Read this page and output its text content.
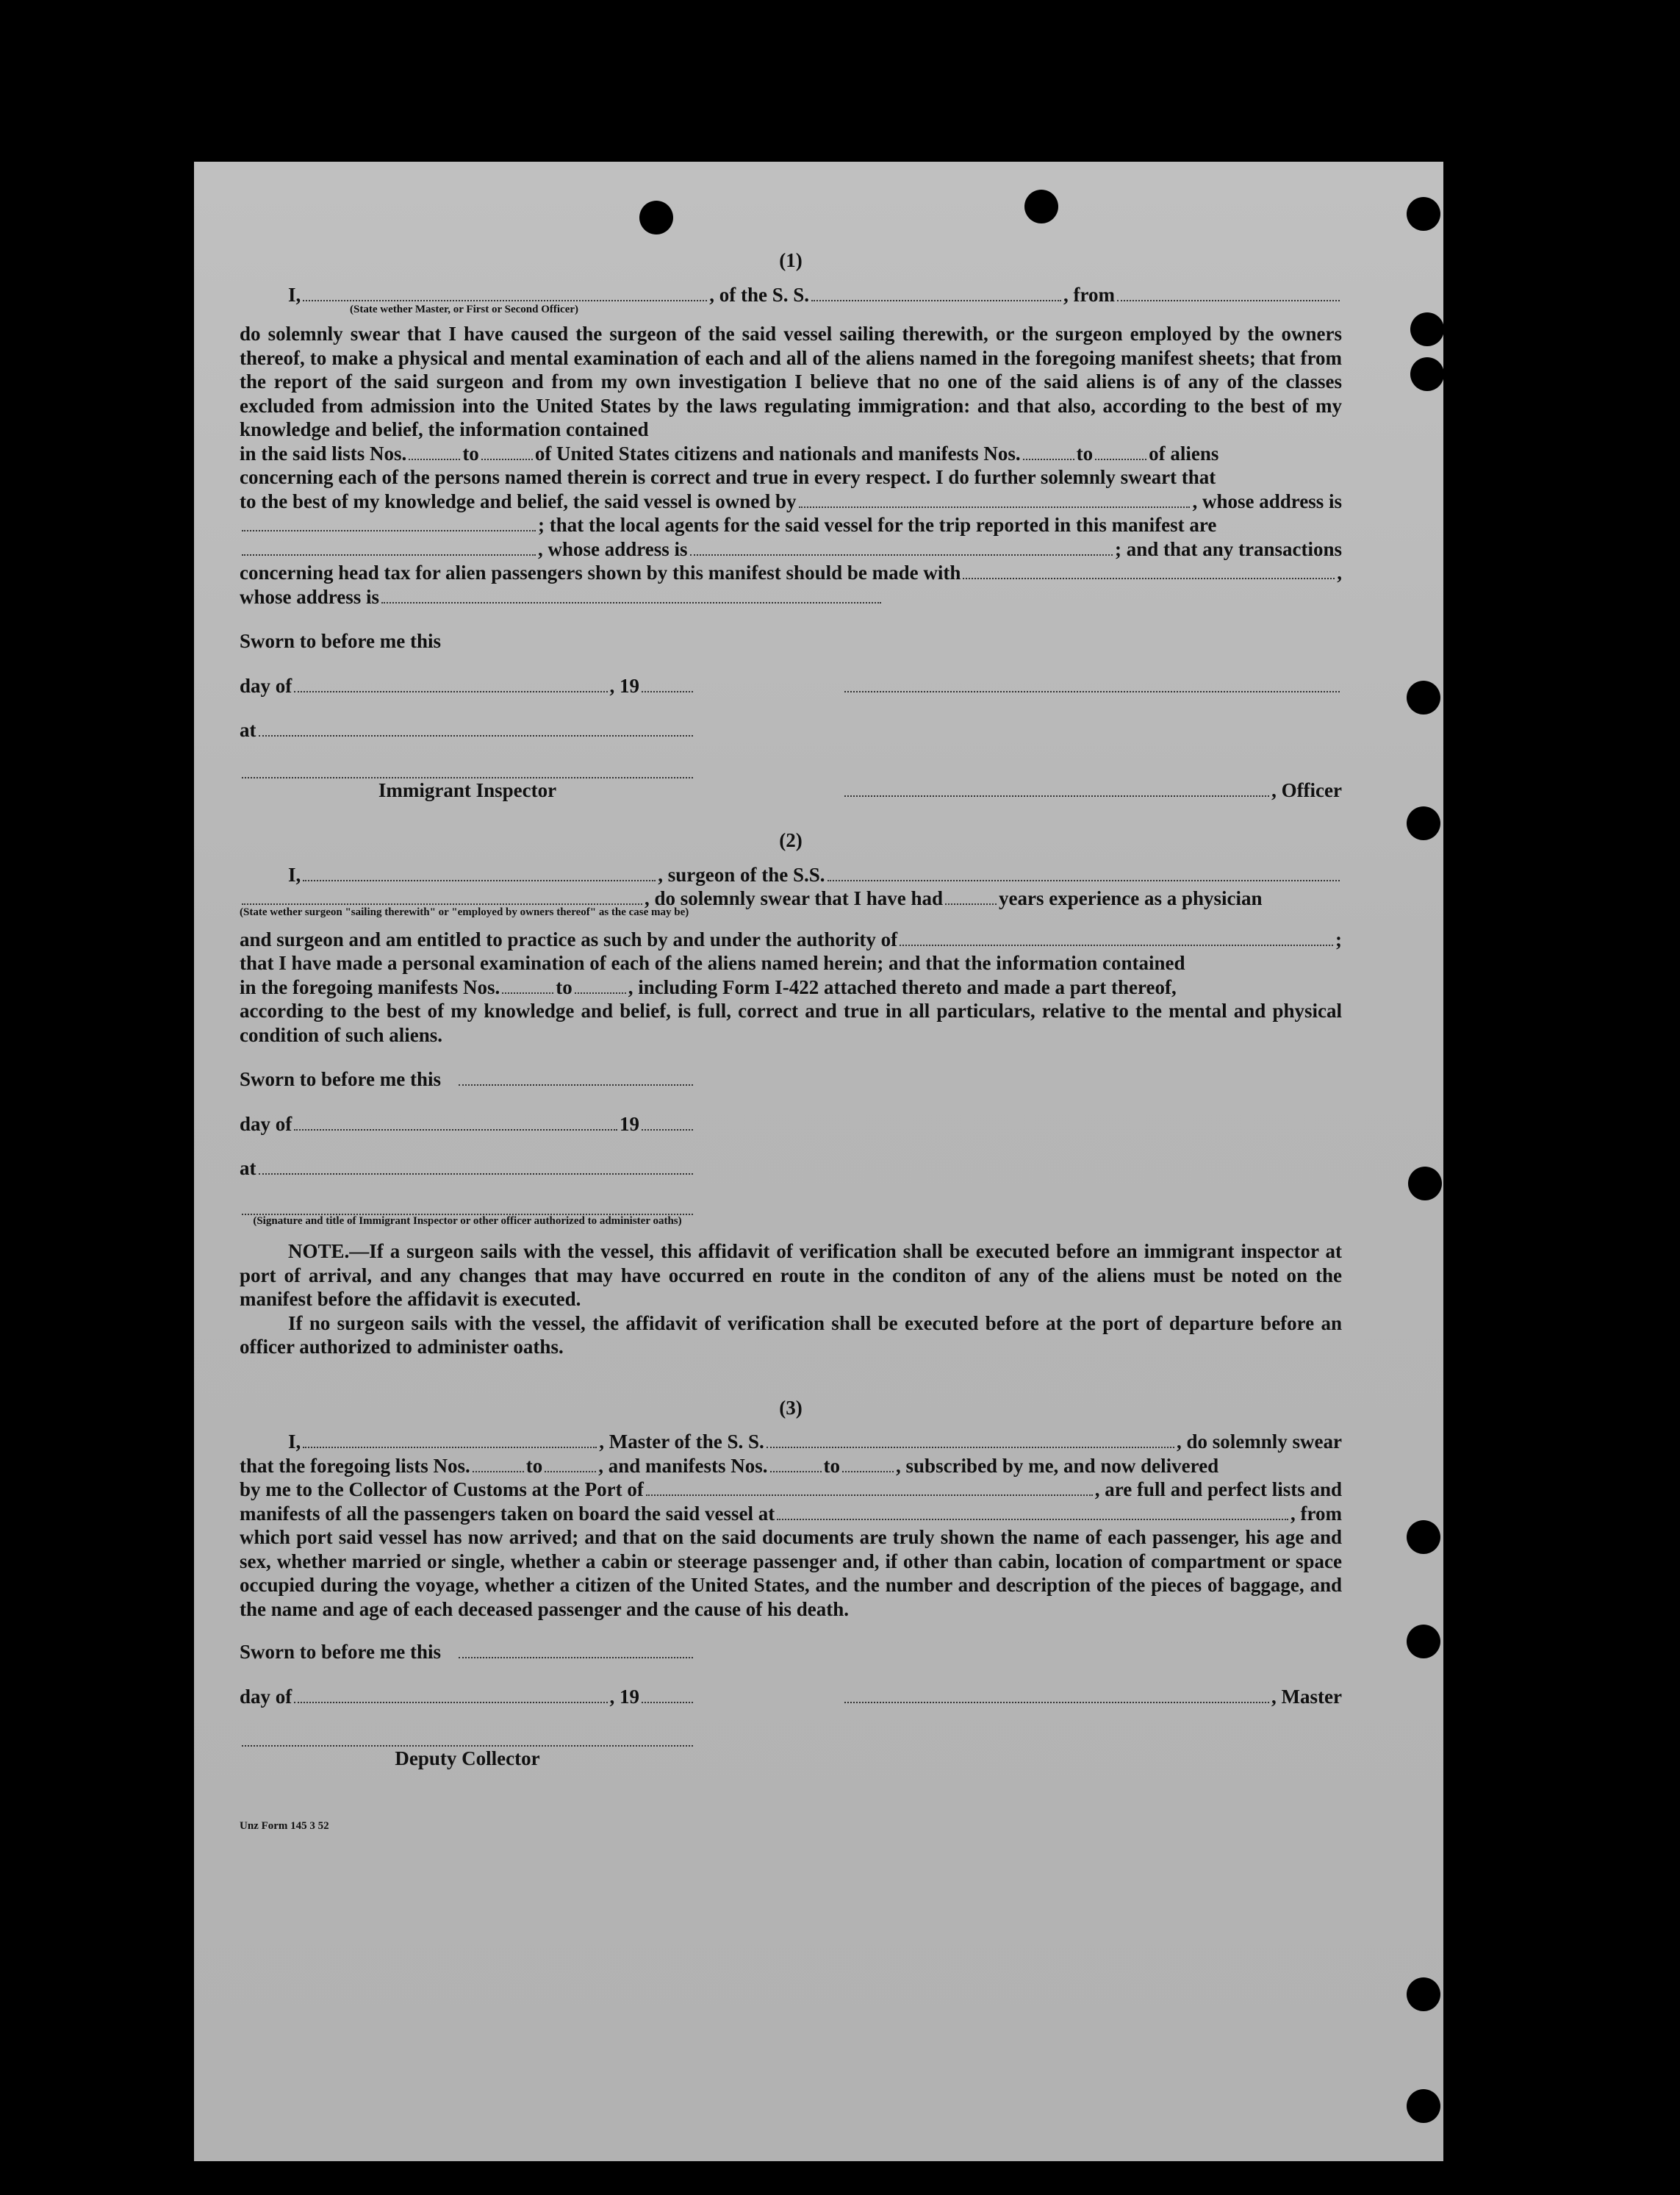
(1)
I,	, of the S. S.	, from
(State wether Master, or First or Second Officer)

do solemnly swear that I have caused the surgeon of the said vessel sailing therewith, or the surgeon employed by the owners thereof, to make a physical and mental examination of each and all of the aliens named in the foregoing manifest sheets; that from the report of the said surgeon and from my own investigation I believe that no one of the said aliens is of any of the classes excluded from admission into the United States by the laws regulating immigration: and that also, according to the best of my knowledge and belief, the information contained

in the said lists Nos.	to	of United States citizens and nationals and manifests Nos.	to	of aliens

concerning each of the persons named therein is correct and true in every respect. I do further solemnly sweart that

to the best of my knowledge and belief, the said vessel is owned by	, whose address is
; that the local agents for the said vessel for the trip reported in this manifest are
, whose address is	; and that any transactions
concerning head tax for alien passengers shown by this manifest should be made with	,
whose address is
Sworn to before me this
day of	, 19
at
Immigrant Inspector	, Officer
(2)
I,	, surgeon of the S.S.
, do solemnly swear that I have had	years experience as a physician
(State wether surgeon "sailing therewith" or "employed by owners thereof" as the case may be)
and surgeon and am entitled to practice as such by and under the authority of	;

that I have made a personal examination of each of the aliens named herein; and that the information contained

in the foregoing manifests Nos.	to	, including Form I-422 attached thereto and made a part thereof,

according to the best of my knowledge and belief, is full, correct and true in all particulars, relative to the mental and physical condition of such aliens.

Sworn to before me this
day of	19
at
(Signature and title of Immigrant Inspector or other officer authorized to administer oaths)

NOTE.—If a surgeon sails with the vessel, this affidavit of verification shall be executed before an immigrant inspector at port of arrival, and any changes that may have occurred en route in the conditon of any of the aliens must be noted on the manifest before the affidavit is executed.

If no surgeon sails with the vessel, the affidavit of verification shall be executed before at the port of departure before an officer authorized to administer oaths.

(3)
I,	, Master of the S. S.	, do solemnly swear
that the foregoing lists Nos.	to	, and manifests Nos.	to	, subscribed by me, and now delivered
by me to the Collector of Customs at the Port of	, are full and perfect lists and
manifests of all the passengers taken on board the said vessel at	, from

which port said vessel has now arrived; and that on the said documents are truly shown the name of each passenger, his age and sex, whether married or single, whether a cabin or steerage passenger and, if other than cabin, location of compartment or space occupied during the voyage, whether a citizen of the United States, and the number and description of the pieces of baggage, and the name and age of each deceased passenger and the cause of his death.

Sworn to before me this
day of	, 19	, Master
Deputy Collector
Unz Form 145 3 52
